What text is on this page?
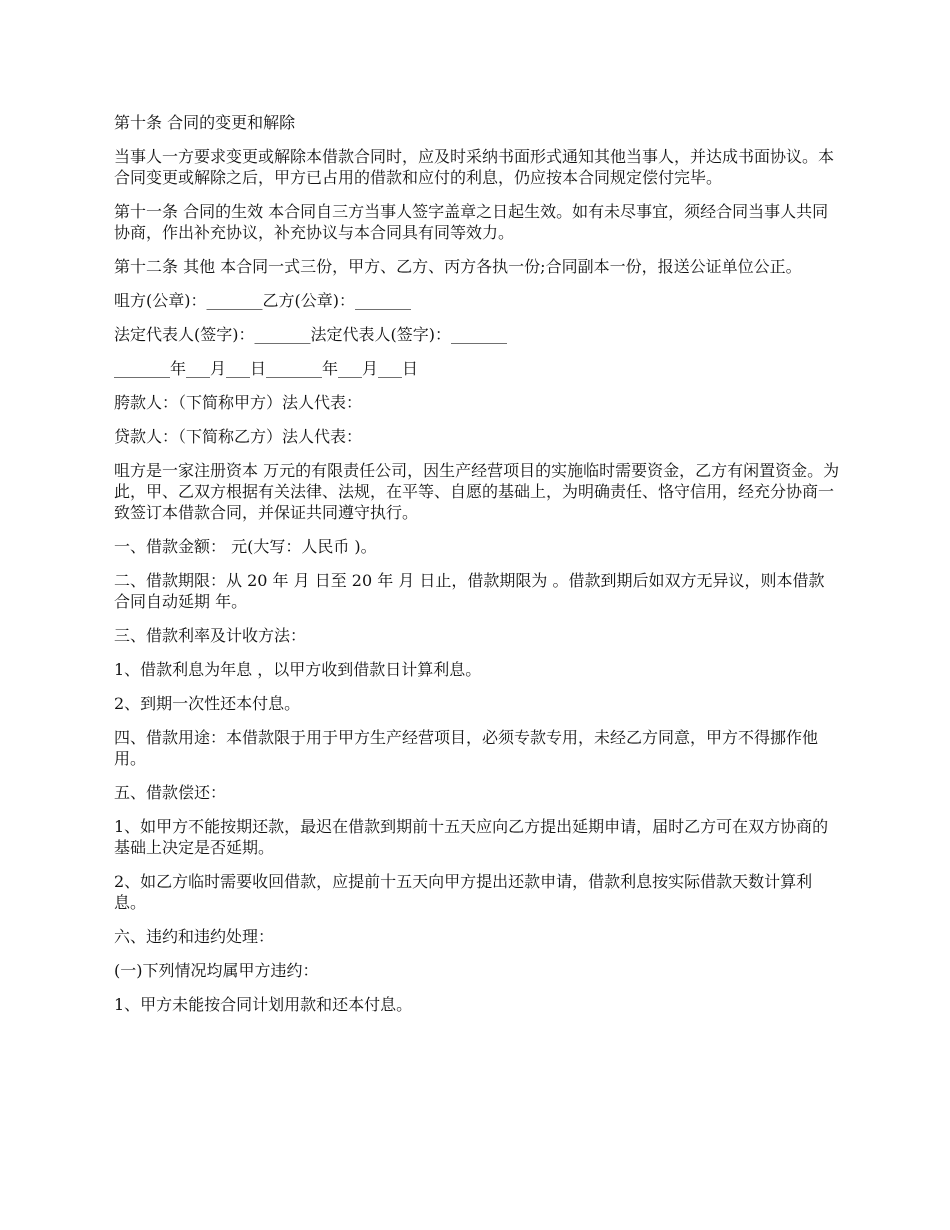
第十条 合同的变更和解除

当事人一方要求变更或解除本借款合同时，应及时采纳书面形式通知其他当事人，并达成书面协议。本合同变更或解除之后，甲方已占用的借款和应付的利息，仍应按本合同规定偿付完毕。

第十一条 合同的生效 本合同自三方当事人签字盖章之日起生效。如有未尽事宜，须经合同当事人共同协商，作出补充协议，补充协议与本合同具有同等效力。

第十二条 其他 本合同一式三份，甲方、乙方、丙方各执一份;合同副本一份，报送公证单位公正。

咀方(公章)：_______乙方(公章)：_______

法定代表人(签字)：_______法定代表人(签字)：_______

_______年___月___日_______年___月___日

胯款人：（下简称甲方）法人代表：

贷款人：（下简称乙方）法人代表：

咀方是一家注册资本 万元的有限责任公司，因生产经营项目的实施临时需要资金，乙方有闲置资金。为此，甲、乙双方根据有关法律、法规，在平等、自愿的基础上，为明确责任、恪守信用，经充分协商一致签订本借款合同，并保证共同遵守执行。

一、借款金额： 元(大写：人民币 )。

二、借款期限：从 20 年 月 日至 20 年 月 日止，借款期限为 。借款到期后如双方无异议，则本借款合同自动延期 年。

三、借款利率及计收方法：

1、借款利息为年息 ，以甲方收到借款日计算利息。

2、到期一次性还本付息。

四、借款用途：本借款限于用于甲方生产经营项目，必须专款专用，未经乙方同意，甲方不得挪作他用。

五、借款偿还：

1、如甲方不能按期还款，最迟在借款到期前十五天应向乙方提出延期申请，届时乙方可在双方协商的基础上决定是否延期。

2、如乙方临时需要收回借款，应提前十五天向甲方提出还款申请，借款利息按实际借款天数计算利息。

六、违约和违约处理：

(一)下列情况均属甲方违约：

1、甲方未能按合同计划用款和还本付息。
